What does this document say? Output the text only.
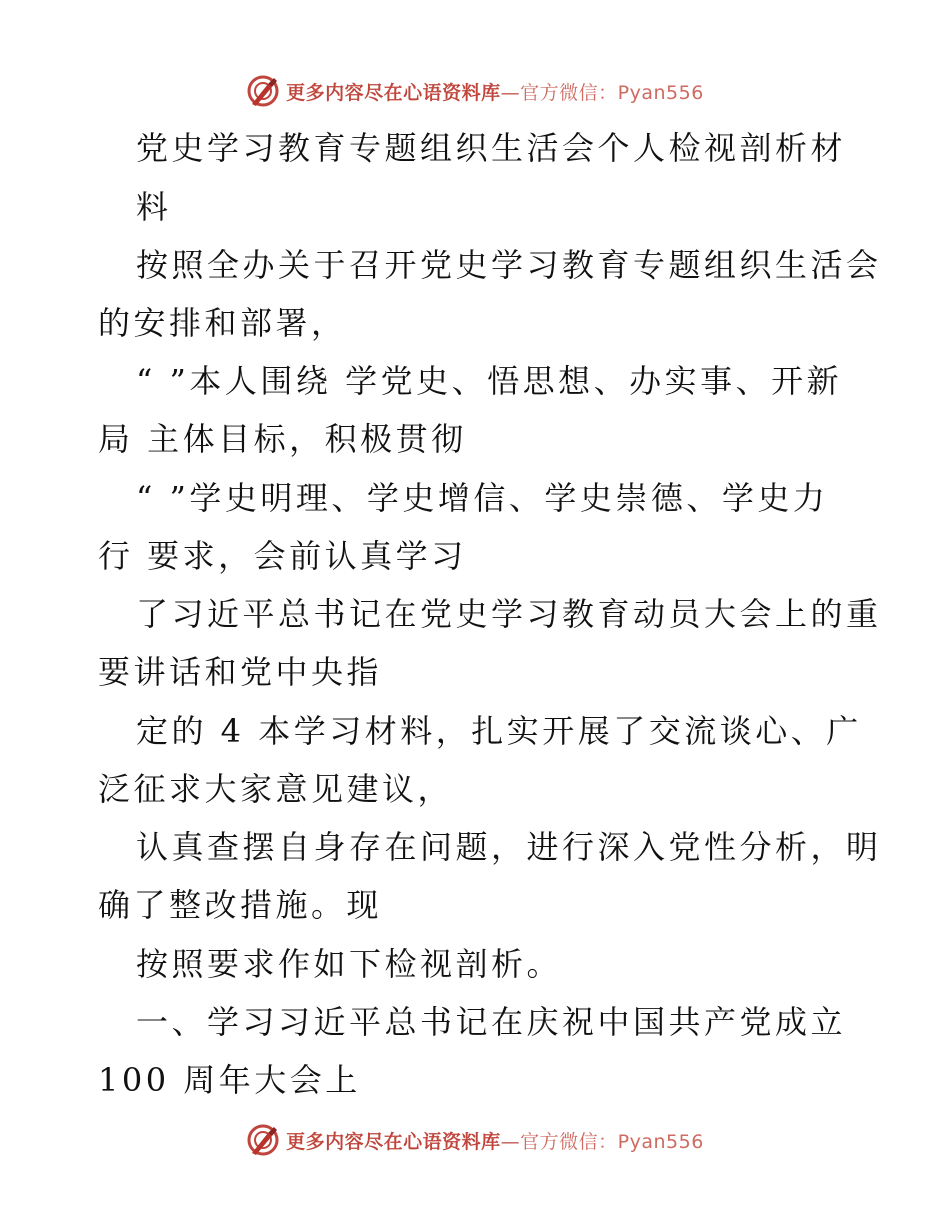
更多内容尽在心语资料库—官方微信：Pyan556
党史学习教育专题组织生活会个人检视剖析材
料
按照全办关于召开党史学习教育专题组织生活会
的安排和部署，
“ ”本人围绕 学党史、悟思想、办实事、开新
局 主体目标，积极贯彻
“ ”学史明理、学史增信、学史崇德、学史力
行 要求，会前认真学习
了习近平总书记在党史学习教育动员大会上的重
要讲话和党中央指
定的 4 本学习材料，扎实开展了交流谈心、广
泛征求大家意见建议，
认真查摆自身存在问题，进行深入党性分析，明
确了整改措施。现
按照要求作如下检视剖析。
一、学习习近平总书记在庆祝中国共产党成立
100 周年大会上
更多内容尽在心语资料库—官方微信：Pyan556
